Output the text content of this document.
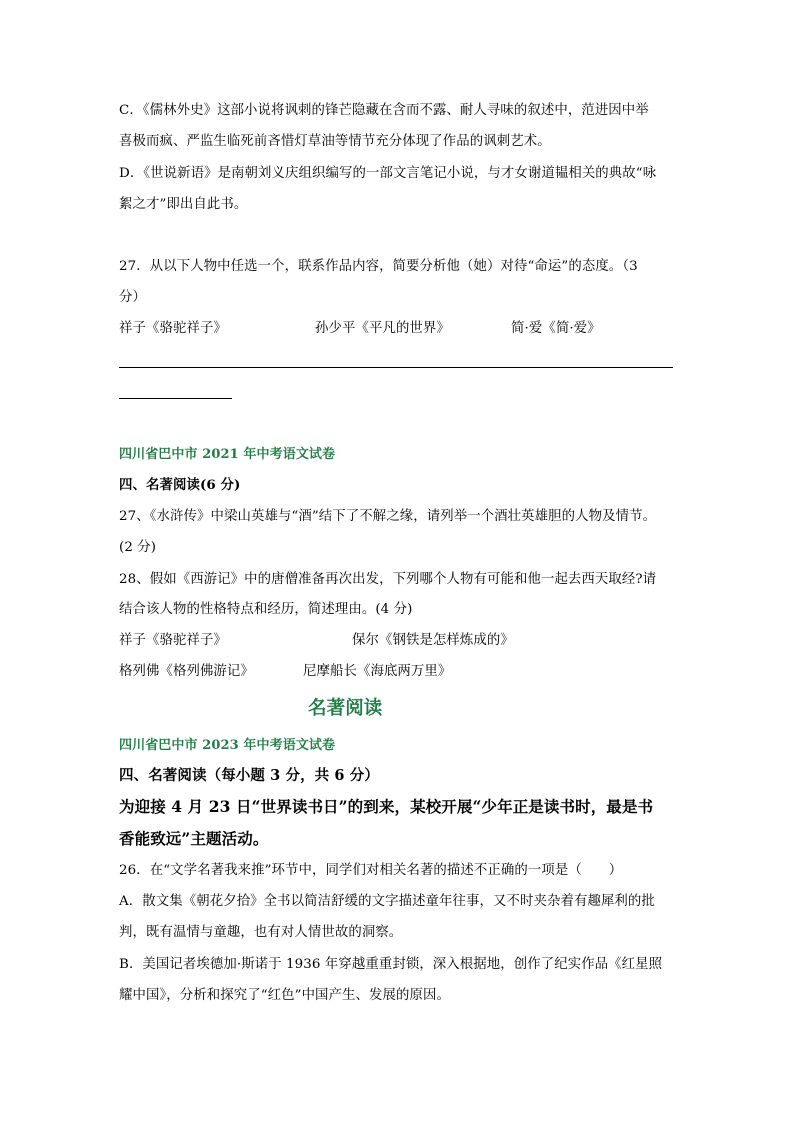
C．《儒林外史》这部小说将讽刺的锋芒隐藏在含而不露、耐人寻味的叙述中，范进因中举

喜极而疯、严监生临死前吝惜灯草油等情节充分体现了作品的讽刺艺术。

D．《世说新语》是南朝刘义庆组织编写的一部文言笔记小说，与才女谢道韫相关的典故“咏

絮之才”即出自此书。

27．从以下人物中任选一个，联系作品内容，简要分析他（她）对待“命运”的态度。（3

分）

祥子《骆驼祥子》	孙少平《平凡的世界》	简·爱《简·爱》

四川省巴中市 2021 年中考语文试卷

四、名著阅读(6 分)

27、《水浒传》中梁山英雄与“酒”结下了不解之缘，请列举一个酒壮英雄胆的人物及情节。

(2 分)

28、假如《西游记》中的唐僧准备再次出发，下列哪个人物有可能和他一起去西天取经?请

结合该人物的性格特点和经历，简述理由。(4 分)

祥子《骆驼祥子》	保尔《钢铁是怎样炼成的》

格列佛《格列佛游记》	尼摩船长《海底两万里》

名著阅读

四川省巴中市 2023 年中考语文试卷

四、名著阅读（每小题 3 分，共 6 分）

为迎接 4 月 23 日“世界读书日”的到来，某校开展“少年正是读书时，最是书

香能致远”主题活动。

26．在“文学名著我来推”环节中，同学们对相关名著的描述不正确的一项是（　　）

A．散文集《朝花夕拾》全书以简洁舒缓的文字描述童年往事，又不时夹杂着有趣犀利的批

判，既有温情与童趣，也有对人情世故的洞察。

B．美国记者埃德加·斯诺于 1936 年穿越重重封锁，深入根据地，创作了纪实作品《红星照

耀中国》，分析和探究了“红色”中国产生、发展的原因。
